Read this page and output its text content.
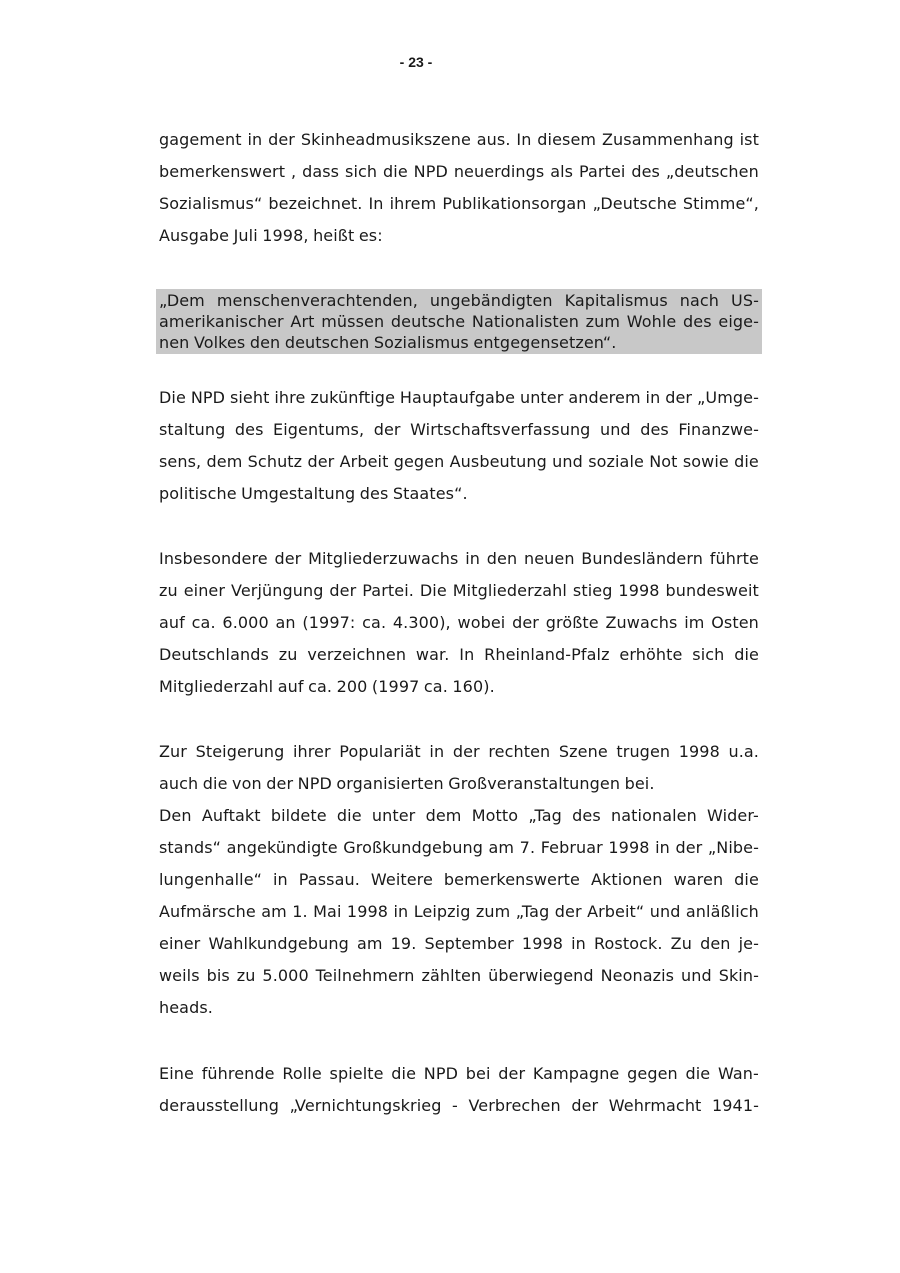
- 23 -
gagement in der Skinheadmusikszene aus. In diesem Zusammenhang ist
bemerkenswert , dass sich die NPD neuerdings als Partei des „deutschen
Sozialismus“ bezeichnet. In ihrem Publikationsorgan „Deutsche Stimme“,
Ausgabe Juli 1998, heißt es:
„Dem menschenverachtenden, ungebändigten Kapitalismus nach US-
amerikanischer Art müssen deutsche Nationalisten zum Wohle des eige-
nen Volkes den deutschen Sozialismus entgegensetzen“.
Die NPD sieht ihre zukünftige Hauptaufgabe unter anderem in der „Umge-
staltung des Eigentums, der Wirtschaftsverfassung und des Finanzwe-
sens, dem Schutz der Arbeit gegen Ausbeutung und soziale Not sowie die
politische Umgestaltung des Staates“.
Insbesondere der Mitgliederzuwachs in den neuen Bundesländern führte
zu einer Verjüngung der Partei. Die Mitgliederzahl stieg 1998 bundesweit
auf ca. 6.000 an (1997: ca. 4.300), wobei der größte Zuwachs im Osten
Deutschlands zu verzeichnen war. In Rheinland-Pfalz erhöhte sich die
Mitgliederzahl auf ca. 200 (1997 ca. 160).
Zur Steigerung ihrer Populariät in der rechten Szene trugen 1998 u.a.
auch die von der NPD organisierten Großveranstaltungen bei.
Den Auftakt bildete die unter dem Motto „Tag des nationalen Wider-
stands“ angekündigte Großkundgebung am 7. Februar 1998 in der „Nibe-
lungenhalle“ in Passau. Weitere bemerkenswerte Aktionen waren die
Aufmärsche am 1. Mai 1998 in Leipzig zum „Tag der Arbeit“ und anläßlich
einer Wahlkundgebung am 19. September 1998 in Rostock. Zu den je-
weils bis zu 5.000 Teilnehmern zählten überwiegend Neonazis und Skin-
heads.
Eine führende Rolle spielte die NPD bei der Kampagne gegen die Wan-
derausstellung „Vernichtungskrieg - Verbrechen der Wehrmacht 1941-
